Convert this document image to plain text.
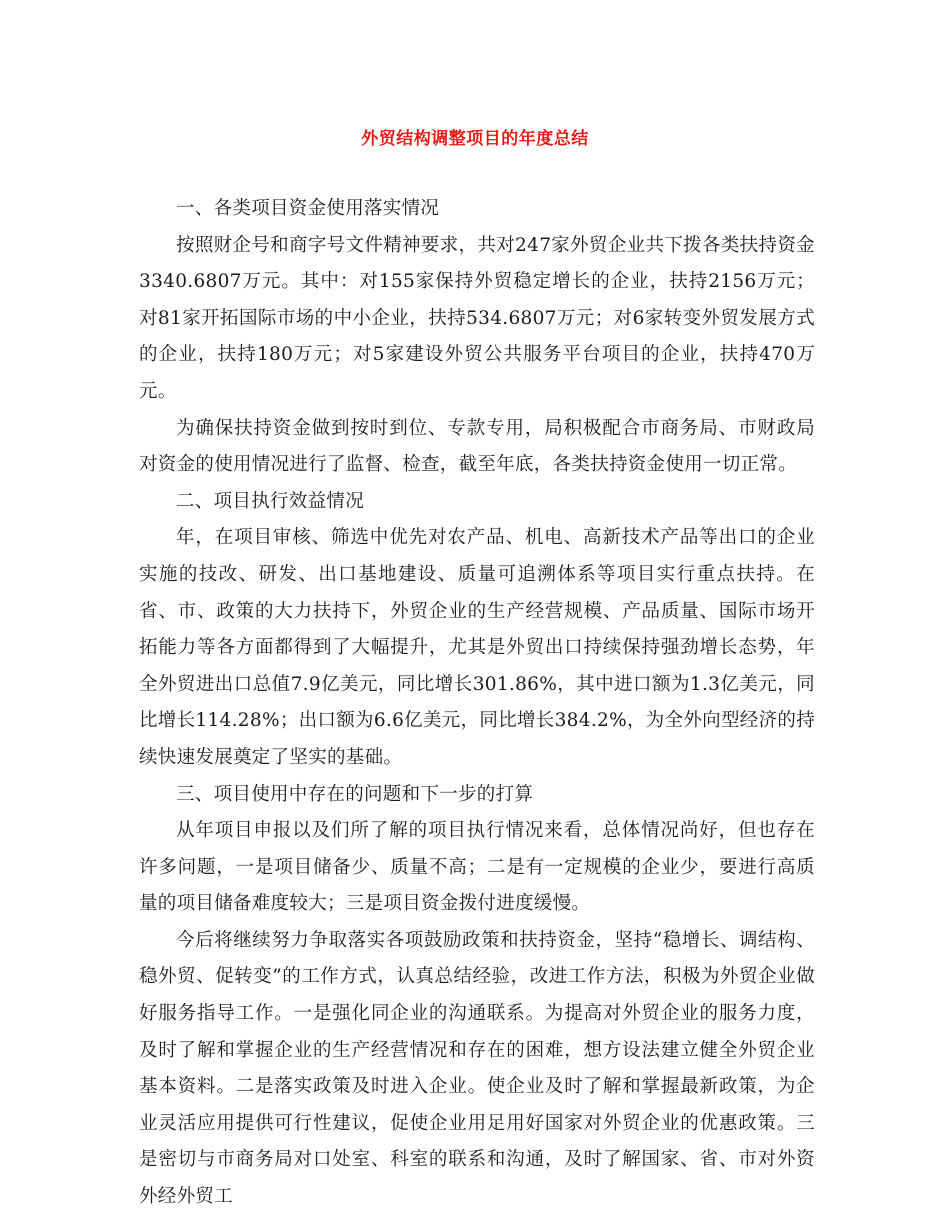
外贸结构调整项目的年度总结

一、各类项目资金使用落实情况

按照财企号和商字号文件精神要求，共对247家外贸企业共下拨各类扶持资金3340.6807万元。其中：对155家保持外贸稳定增长的企业，扶持2156万元；对81家开拓国际市场的中小企业，扶持534.6807万元；对6家转变外贸发展方式的企业，扶持180万元；对5家建设外贸公共服务平台项目的企业，扶持470万元。

为确保扶持资金做到按时到位、专款专用，局积极配合市商务局、市财政局对资金的使用情况进行了监督、检查，截至年底，各类扶持资金使用一切正常。

二、项目执行效益情况

年，在项目审核、筛选中优先对农产品、机电、高新技术产品等出口的企业实施的技改、研发、出口基地建设、质量可追溯体系等项目实行重点扶持。在省、市、政策的大力扶持下，外贸企业的生产经营规模、产品质量、国际市场开拓能力等各方面都得到了大幅提升，尤其是外贸出口持续保持强劲增长态势，年全外贸进出口总值7.9亿美元，同比增长301.86%，其中进口额为1.3亿美元，同比增长114.28%；出口额为6.6亿美元，同比增长384.2%，为全外向型经济的持续快速发展奠定了坚实的基础。

三、项目使用中存在的问题和下一步的打算

从年项目申报以及们所了解的项目执行情况来看，总体情况尚好，但也存在许多问题，一是项目储备少、质量不高；二是有一定规模的企业少，要进行高质量的项目储备难度较大；三是项目资金拨付进度缓慢。

今后将继续努力争取落实各项鼓励政策和扶持资金，坚持“稳增长、调结构、稳外贸、促转变”的工作方式，认真总结经验，改进工作方法，积极为外贸企业做好服务指导工作。一是强化同企业的沟通联系。为提高对外贸企业的服务力度，及时了解和掌握企业的生产经营情况和存在的困难，想方设法建立健全外贸企业基本资料。二是落实政策及时进入企业。使企业及时了解和掌握最新政策，为企业灵活应用提供可行性建议，促使企业用足用好国家对外贸企业的优惠政策。三是密切与市商务局对口处室、科室的联系和沟通，及时了解国家、省、市对外资外经外贸工
